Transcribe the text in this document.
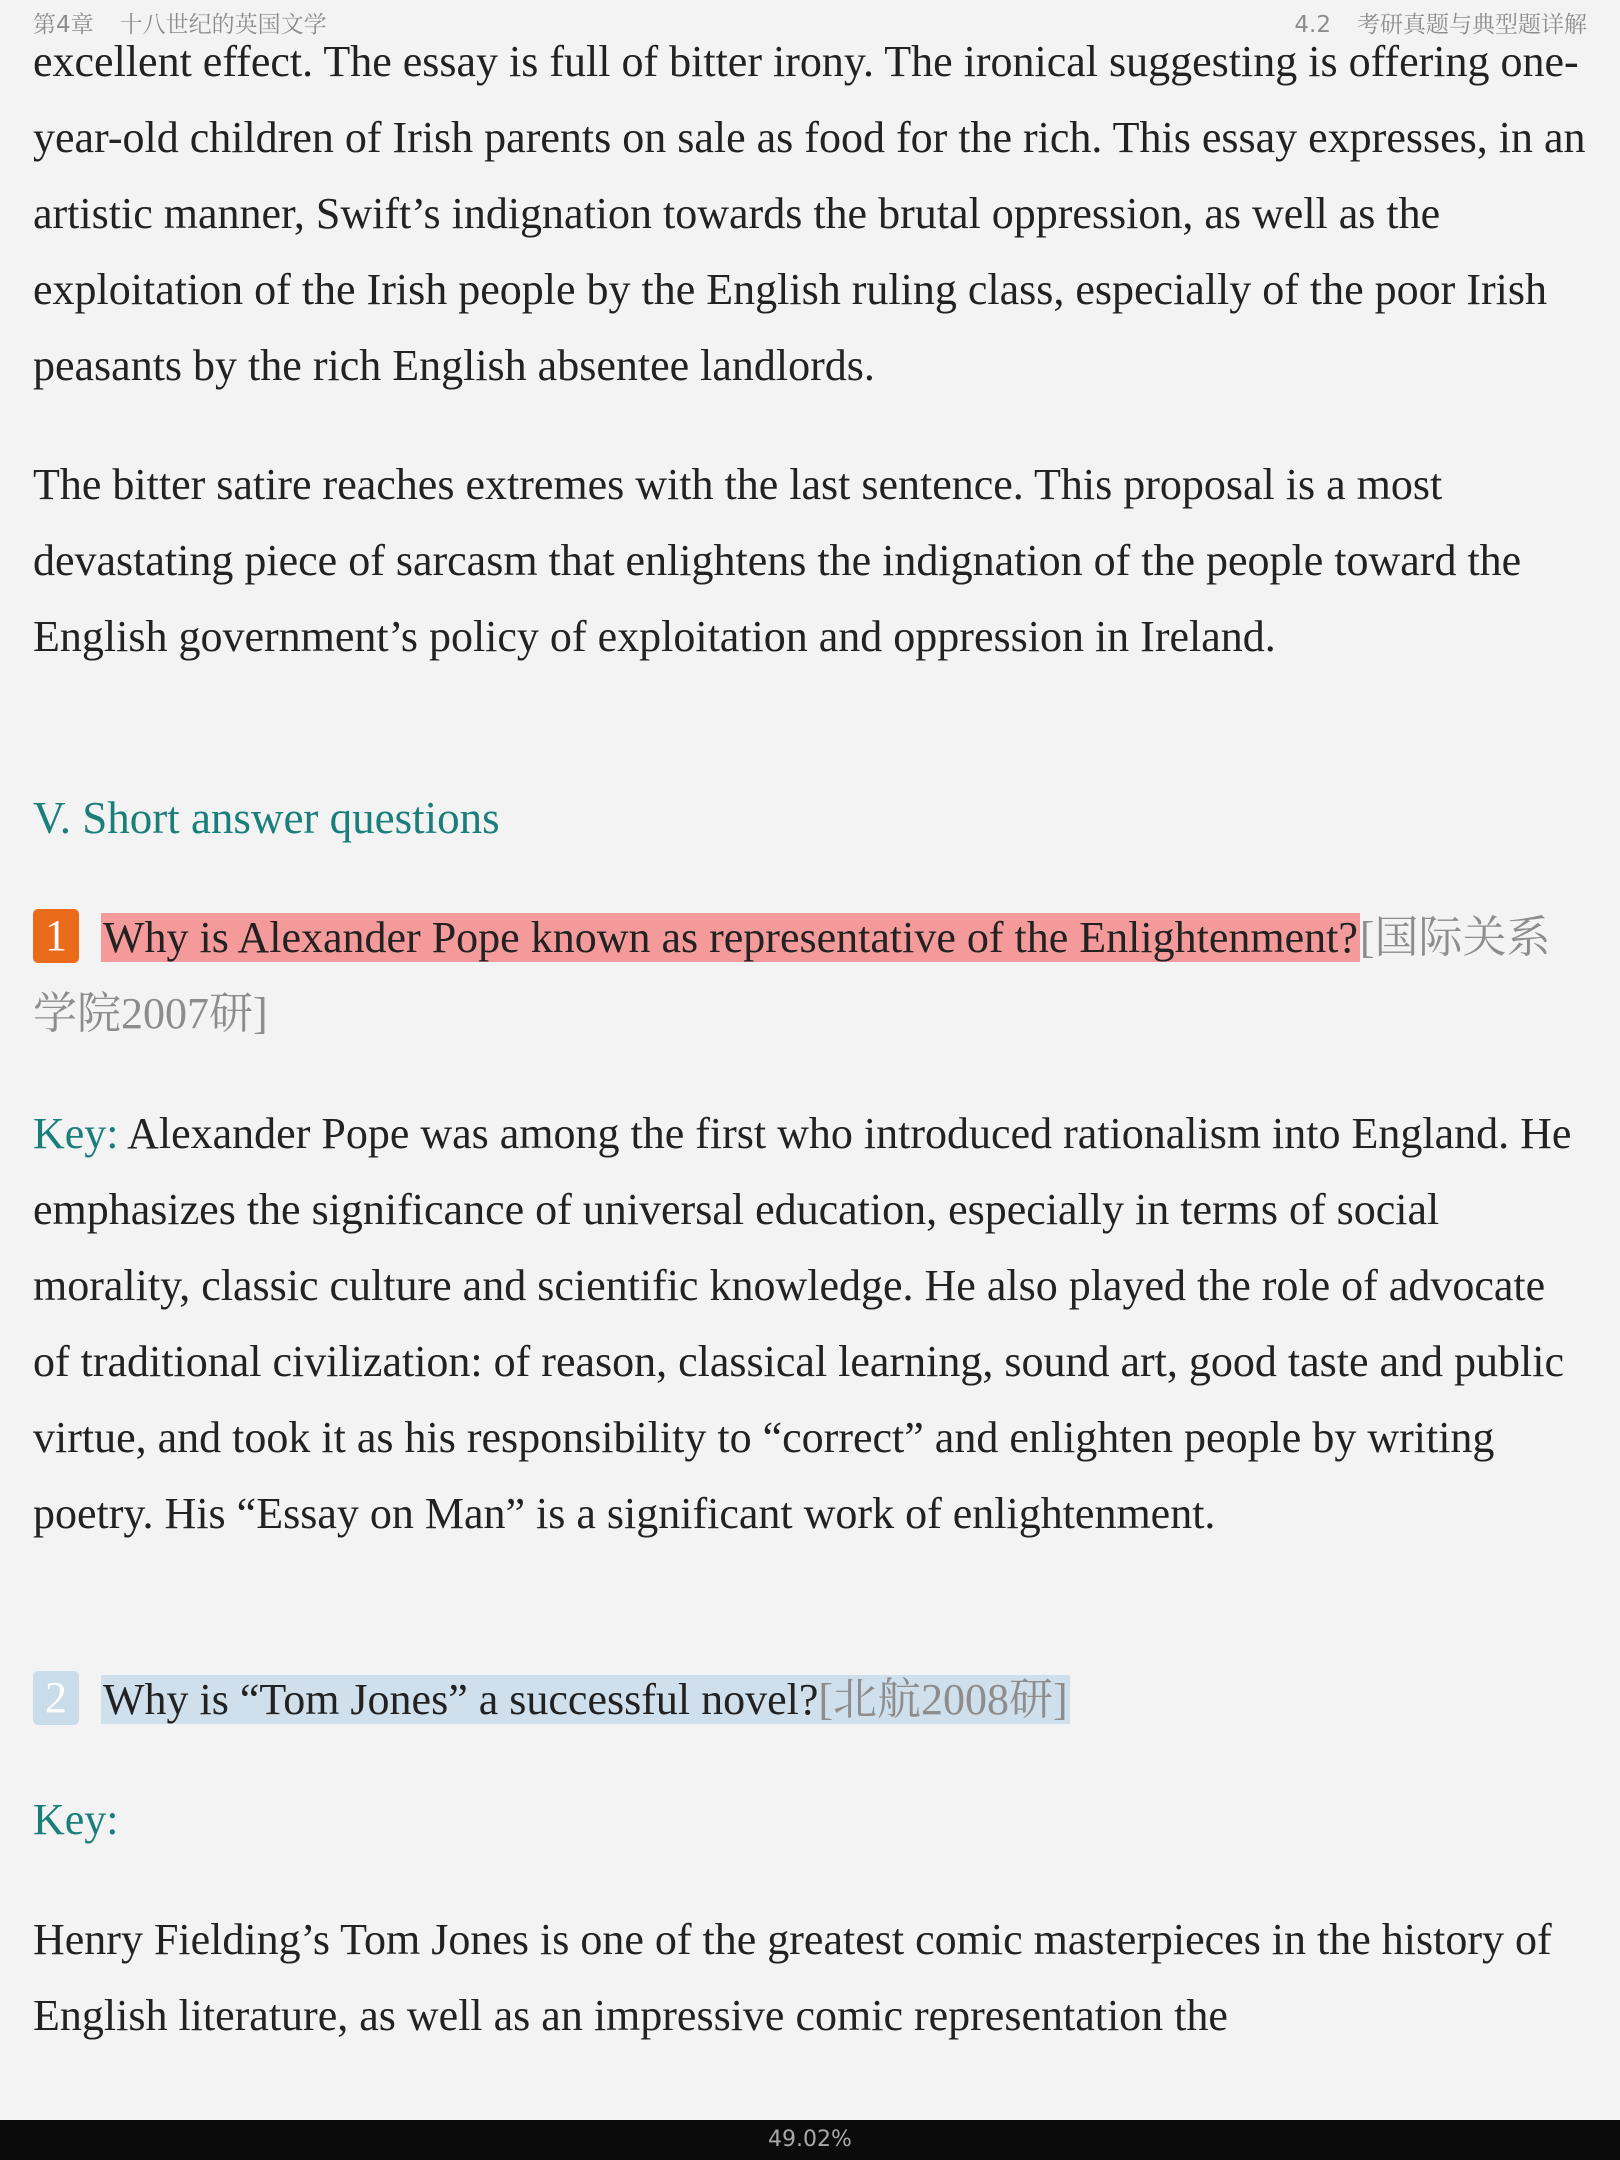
第4章 十八世纪的英国文学	4.2 考研真题与典型题详解

excellent effect. The essay is full of bitter irony. The ironical suggesting is offering one-year-old children of Irish parents on sale as food for the rich. This essay expresses, in an artistic manner, Swift’s indignation towards the brutal oppression, as well as the exploitation of the Irish people by the English ruling class, especially of the poor Irish peasants by the rich English absentee landlords.

The bitter satire reaches extremes with the last sentence. This proposal is a most devastating piece of sarcasm that enlightens the indignation of the people toward the English government’s policy of exploitation and oppression in Ireland.

V. Short answer questions
1 Why is Alexander Pope known as representative of the Enlightenment?[国际关系学院2007研]

Key: Alexander Pope was among the first who introduced rationalism into England. He emphasizes the significance of universal education, especially in terms of social morality, classic culture and scientific knowledge. He also played the role of advocate of traditional civilization: of reason, classical learning, sound art, good taste and public virtue, and took it as his responsibility to “correct” and enlighten people by writing poetry. His “Essay on Man” is a significant work of enlightenment.

2 Why is “Tom Jones” a successful novel?[北航2008研]
Key:

Henry Fielding’s Tom Jones is one of the greatest comic masterpieces in the history of English literature, as well as an impressive comic representation the

49.02%
